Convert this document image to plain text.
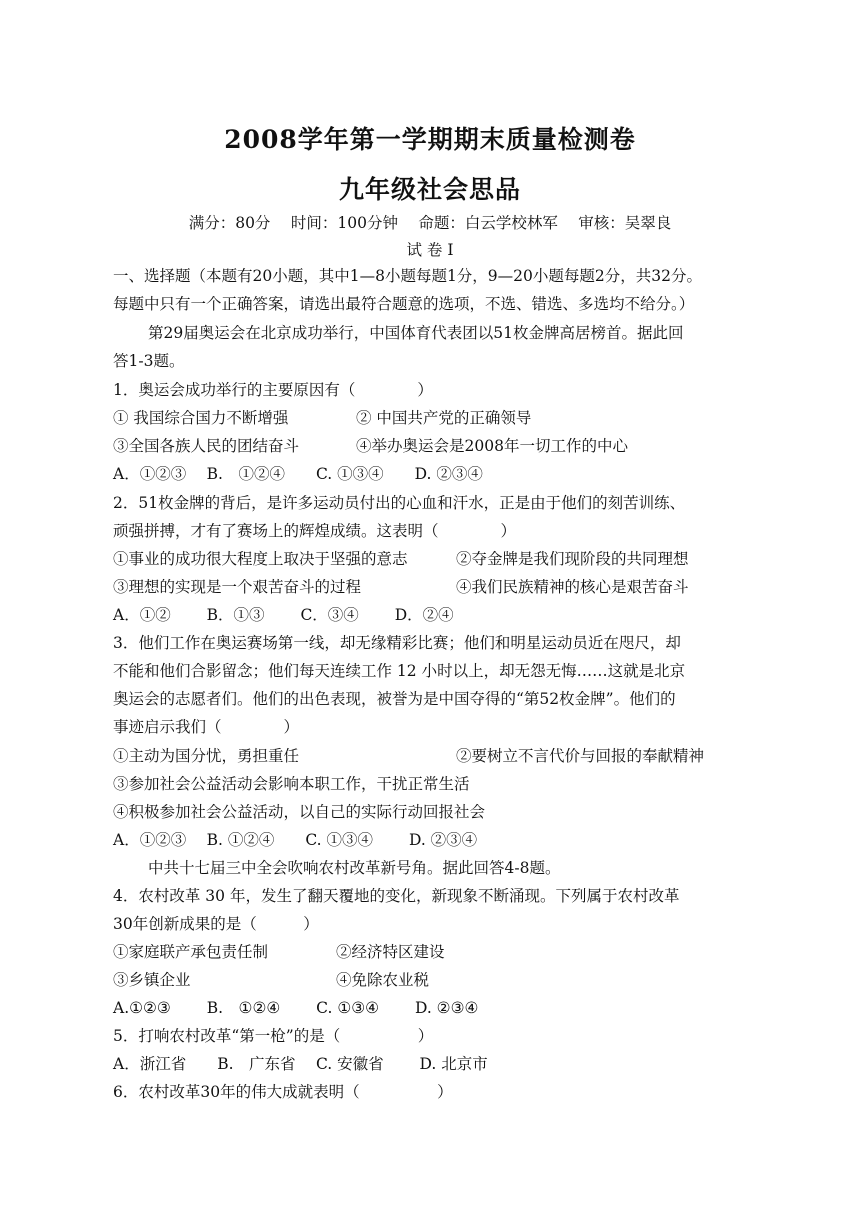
2008学年第一学期期末质量检测卷
九年级社会思品
满分：80分　 时间：100分钟　 命题：白云学校林军　 审核：吴翠良
试 卷 Ⅰ
一、选择题（本题有20小题，其中1—8小题每题1分，9—20小题每题2分，共32分。
每题中只有一个正确答案，请选出最符合题意的选项，不选、错选、多选均不给分。）
第29届奥运会在北京成功举行，中国体育代表团以51枚金牌高居榜首。据此回
答1-3题。
1．奥运会成功举行的主要原因有（　　　　）
① 我国综合国力不断增强	② 中国共产党的正确领导
③全国各族人民的团结奋斗	④举办奥运会是2008年一切工作的中心
A．①②③　 B.　①②④　　C. ①③④　　D. ②③④
2．51枚金牌的背后，是许多运动员付出的心血和汗水，正是由于他们的刻苦训练、
顽强拼搏，才有了赛场上的辉煌成绩。这表明（　　　　）
①事业的成功很大程度上取决于坚强的意志	②夺金牌是我们现阶段的共同理想
③理想的实现是一个艰苦奋斗的过程	④我们民族精神的核心是艰苦奋斗
A．①②　　 B．①③　　 C．③④　　 D．②④
3．他们工作在奥运赛场第一线，却无缘精彩比赛；他们和明星运动员近在咫尺，却
不能和他们合影留念；他们每天连续工作 12 小时以上，却无怨无悔……这就是北京
奥运会的志愿者们。他们的出色表现，被誉为是中国夺得的“第52枚金牌”。他们的
事迹启示我们（　　　　）
①主动为国分忧，勇担重任	②要树立不言代价与回报的奉献精神
③参加社会公益活动会影响本职工作，干扰正常生活
④积极参加社会公益活动，以自己的实际行动回报社会
A．①②③　 B. ①②④　　C. ①③④　　 D. ②③④
中共十七届三中全会吹响农村改革新号角。据此回答4-8题。
4．农村改革 30 年，发生了翻天覆地的变化，新现象不断涌现。下列属于农村改革
30年创新成果的是（　　　）
①家庭联产承包责任制	②经济特区建设
③乡镇企业	④免除农业税
A.①②③　　 B.　①②④　　 C. ①③④　　 D. ②③④
5．打响农村改革“第一枪”的是（　　　　　）
A．浙江省　　B.　广东省　 C. 安徽省　　 D. 北京市
6．农村改革30年的伟大成就表明（　　　　　）
